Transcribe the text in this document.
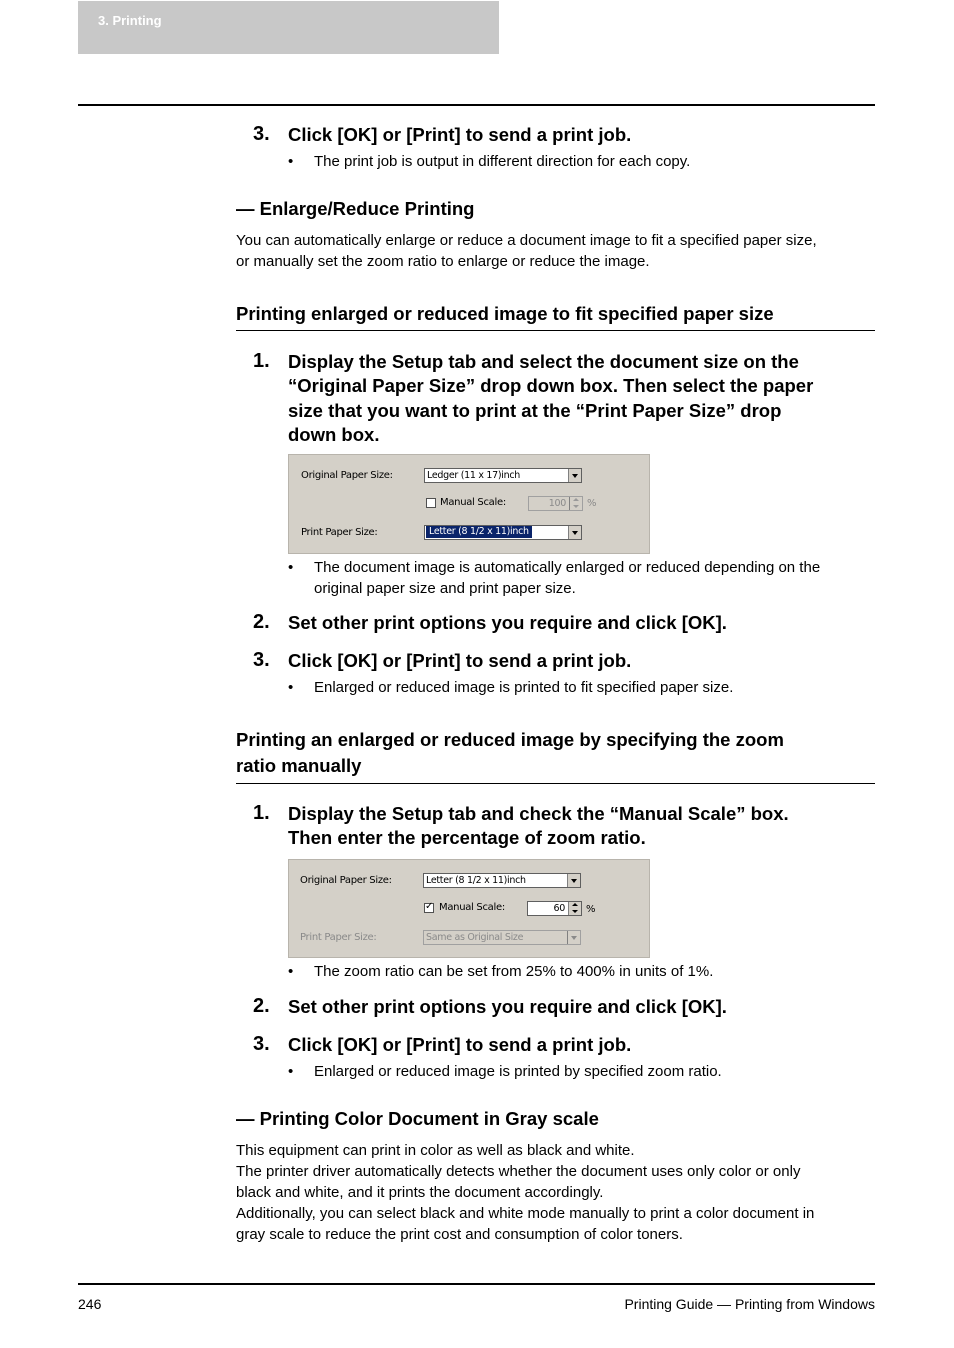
3. Printing
3. Click [OK] or [Print] to send a print job.
• The print job is output in different direction for each copy.
— Enlarge/Reduce Printing
You can automatically enlarge or reduce a document image to fit a specified paper size,
or manually set the zoom ratio to enlarge or reduce the image.
Printing enlarged or reduced image to fit specified paper size
1. Display the Setup tab and select the document size on the
“Original Paper Size” drop down box. Then select the paper
size that you want to print at the “Print Paper Size” drop
down box.
Original Paper Size:	Ledger (11 x 17)inch
Manual Scale:	100 %
Print Paper Size:	Letter (8 1/2 x 11)inch
• The document image is automatically enlarged or reduced depending on the
original paper size and print paper size.
2. Set other print options you require and click [OK].
3. Click [OK] or [Print] to send a print job.
• Enlarged or reduced image is printed to fit specified paper size.
Printing an enlarged or reduced image by specifying the zoom
ratio manually
1. Display the Setup tab and check the “Manual Scale” box.
Then enter the percentage of zoom ratio.
Original Paper Size:	Letter (8 1/2 x 11)inch
✓ Manual Scale:	60 %
Print Paper Size:	Same as Original Size
• The zoom ratio can be set from 25% to 400% in units of 1%.
2. Set other print options you require and click [OK].
3. Click [OK] or [Print] to send a print job.
• Enlarged or reduced image is printed by specified zoom ratio.
— Printing Color Document in Gray scale
This equipment can print in color as well as black and white.
The printer driver automatically detects whether the document uses only color or only
black and white, and it prints the document accordingly.
Additionally, you can select black and white mode manually to print a color document in
gray scale to reduce the print cost and consumption of color toners.
246	Printing Guide — Printing from Windows
